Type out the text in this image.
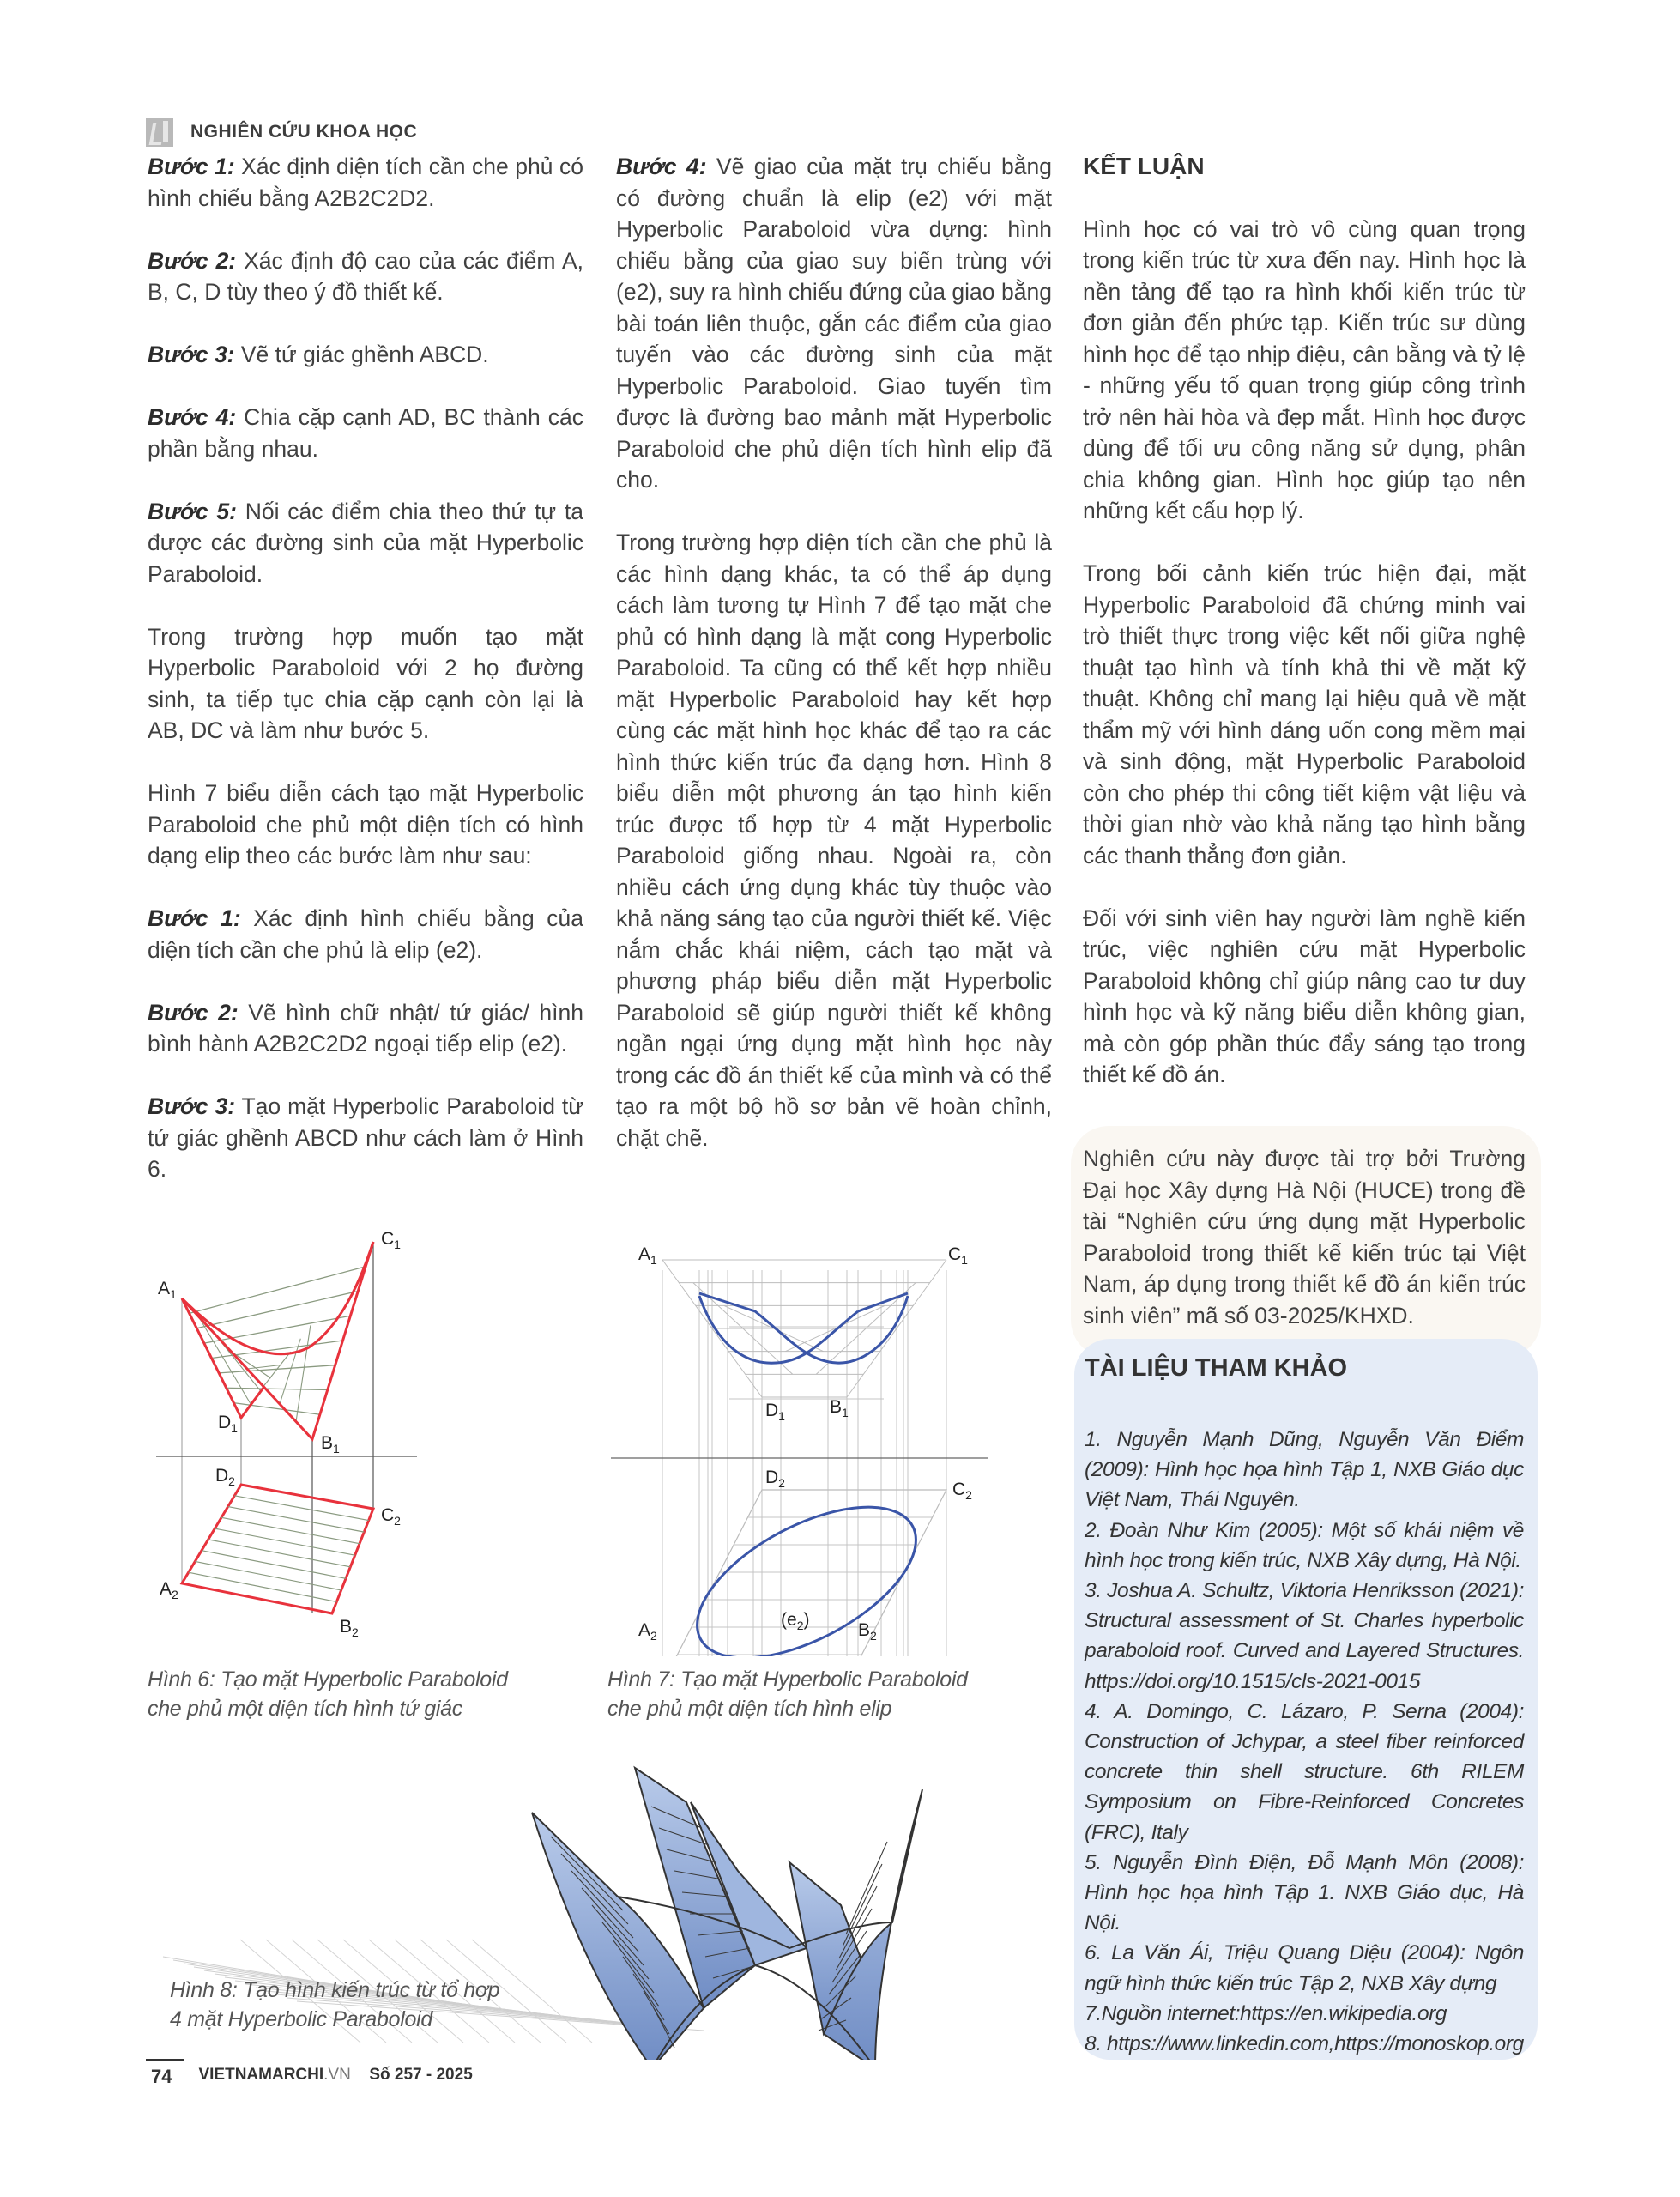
NGHIÊN CỨU KHOA HỌC

Bước 1: Xác định diện tích cần che phủ có hình chiếu bằng A2B2C2D2.

Bước 2: Xác định độ cao của các điểm A, B, C, D tùy theo ý đồ thiết kế.

Bước 3: Vẽ tứ giác ghềnh ABCD.

Bước 4: Chia cặp cạnh AD, BC thành các phần bằng nhau.

Bước 5: Nối các điểm chia theo thứ tự ta được các đường sinh của mặt Hyperbolic Paraboloid.

Trong trường hợp muốn tạo mặt Hyperbolic Paraboloid với 2 họ đường sinh, ta tiếp tục chia cặp cạnh còn lại là AB, DC và làm như bước 5.

Hình 7 biểu diễn cách tạo mặt Hyperbolic Paraboloid che phủ một diện tích có hình dạng elip theo các bước làm như sau:

Bước 1: Xác định hình chiếu bằng của diện tích cần che phủ là elip (e2).

Bước 2: Vẽ hình chữ nhật/ tứ giác/ hình bình hành A2B2C2D2 ngoại tiếp elip (e2).

Bước 3: Tạo mặt Hyperbolic Paraboloid từ tứ giác ghềnh ABCD như cách làm ở Hình 6.

Bước 4: Vẽ giao của mặt trụ chiếu bằng có đường chuẩn là elip (e2) với mặt Hyperbolic Paraboloid vừa dựng: hình chiếu bằng của giao suy biến trùng với (e2), suy ra hình chiếu đứng của giao bằng bài toán liên thuộc, gắn các điểm của giao tuyến vào các đường sinh của mặt Hyperbolic Paraboloid. Giao tuyến tìm được là đường bao mảnh mặt Hyperbolic Paraboloid che phủ diện tích hình elip đã cho.

Trong trường hợp diện tích cần che phủ là các hình dạng khác, ta có thể áp dụng cách làm tương tự Hình 7 để tạo mặt che phủ có hình dạng là mặt cong Hyperbolic Paraboloid. Ta cũng có thể kết hợp nhiều mặt Hyperbolic Paraboloid hay kết hợp cùng các mặt hình học khác để tạo ra các hình thức kiến trúc đa dạng hơn. Hình 8 biểu diễn một phương án tạo hình kiến trúc được tổ hợp từ 4 mặt Hyperbolic Paraboloid giống nhau. Ngoài ra, còn nhiều cách ứng dụng khác tùy thuộc vào khả năng sáng tạo của người thiết kế. Việc nắm chắc khái niệm, cách tạo mặt và phương pháp biểu diễn mặt Hyperbolic Paraboloid sẽ giúp người thiết kế không ngần ngại ứng dụng mặt hình học này trong các đồ án thiết kế của mình và có thể tạo ra một bộ hồ sơ bản vẽ hoàn chỉnh, chặt chẽ.

KẾT LUẬN

Hình học có vai trò vô cùng quan trọng trong kiến trúc từ xưa đến nay. Hình học là nền tảng để tạo ra hình khối kiến trúc từ đơn giản đến phức tạp. Kiến trúc sư dùng hình học để tạo nhịp điệu, cân bằng và tỷ lệ - những yếu tố quan trọng giúp công trình trở nên hài hòa và đẹp mắt. Hình học được dùng để tối ưu công năng sử dụng, phân chia không gian. Hình học giúp tạo nên những kết cấu hợp lý.

Trong bối cảnh kiến trúc hiện đại, mặt Hyperbolic Paraboloid đã chứng minh vai trò thiết thực trong việc kết nối giữa nghệ thuật tạo hình và tính khả thi về mặt kỹ thuật. Không chỉ mang lại hiệu quả về mặt thẩm mỹ với hình dáng uốn cong mềm mại và sinh động, mặt Hyperbolic Paraboloid còn cho phép thi công tiết kiệm vật liệu và thời gian nhờ vào khả năng tạo hình bằng các thanh thẳng đơn giản.

Đối với sinh viên hay người làm nghề kiến trúc, việc nghiên cứu mặt Hyperbolic Paraboloid không chỉ giúp nâng cao tư duy hình học và kỹ năng biểu diễn không gian, mà còn góp phần thúc đẩy sáng tạo trong thiết kế đồ án.

Nghiên cứu này được tài trợ bởi Trường Đại học Xây dựng Hà Nội (HUCE) trong đề tài “Nghiên cứu ứng dụng mặt Hyperbolic Paraboloid trong thiết kế kiến trúc tại Việt Nam, áp dụng trong thiết kế đồ án kiến trúc sinh viên” mã số 03-2025/KHXD.

TÀI LIỆU THAM KHẢO
1. Nguyễn Mạnh Dũng, Nguyễn Văn Điểm (2009): Hình học họa hình Tập 1, NXB Giáo dục Việt Nam, Thái Nguyên.
2. Đoàn Như Kim (2005): Một số khái niệm về hình học trong kiến trúc, NXB Xây dựng, Hà Nội.
3. Joshua A. Schultz, Viktoria Henriksson (2021): Structural assessment of St. Charles hyperbolic paraboloid roof. Curved and Layered Structures. https://doi.org/10.1515/cls-2021-0015
4. A. Domingo, C. Lázaro, P. Serna (2004): Construction of Jchypar, a steel fiber reinforced concrete thin shell structure. 6th RILEM Symposium on Fibre-Reinforced Concretes (FRC), Italy
5. Nguyễn Đình Điện, Đỗ Mạnh Môn (2008): Hình học họa hình Tập 1. NXB Giáo dục, Hà Nội.
6. La Văn Ái, Triệu Quang Diệu (2004): Ngôn ngữ hình thức kiến trúc Tập 2, NXB Xây dựng
7.Nguồn internet:https://en.wikipedia.org
8. https://www.linkedin.com,https://monoskop.org
$A_1$
$C_1$
$D_1$
$B_1$
$D_2$
$C_2$
$A_2$
$B_2$
Hình 6: Tạo mặt Hyperbolic Paraboloid
che phủ một diện tích hình tứ giác
$A_1$	$C_1$
$D_1$ $B_1$
$D_2$	$C_2$
$(e_2)$
$A_2$	$B_2$
Hình 7: Tạo mặt Hyperbolic Paraboloid
che phủ một diện tích hình elip
Hình 8: Tạo hình kiến trúc từ tổ hợp
4 mặt Hyperbolic Paraboloid
74	VIETNAMARCHI .VN Số 257 - 2025
